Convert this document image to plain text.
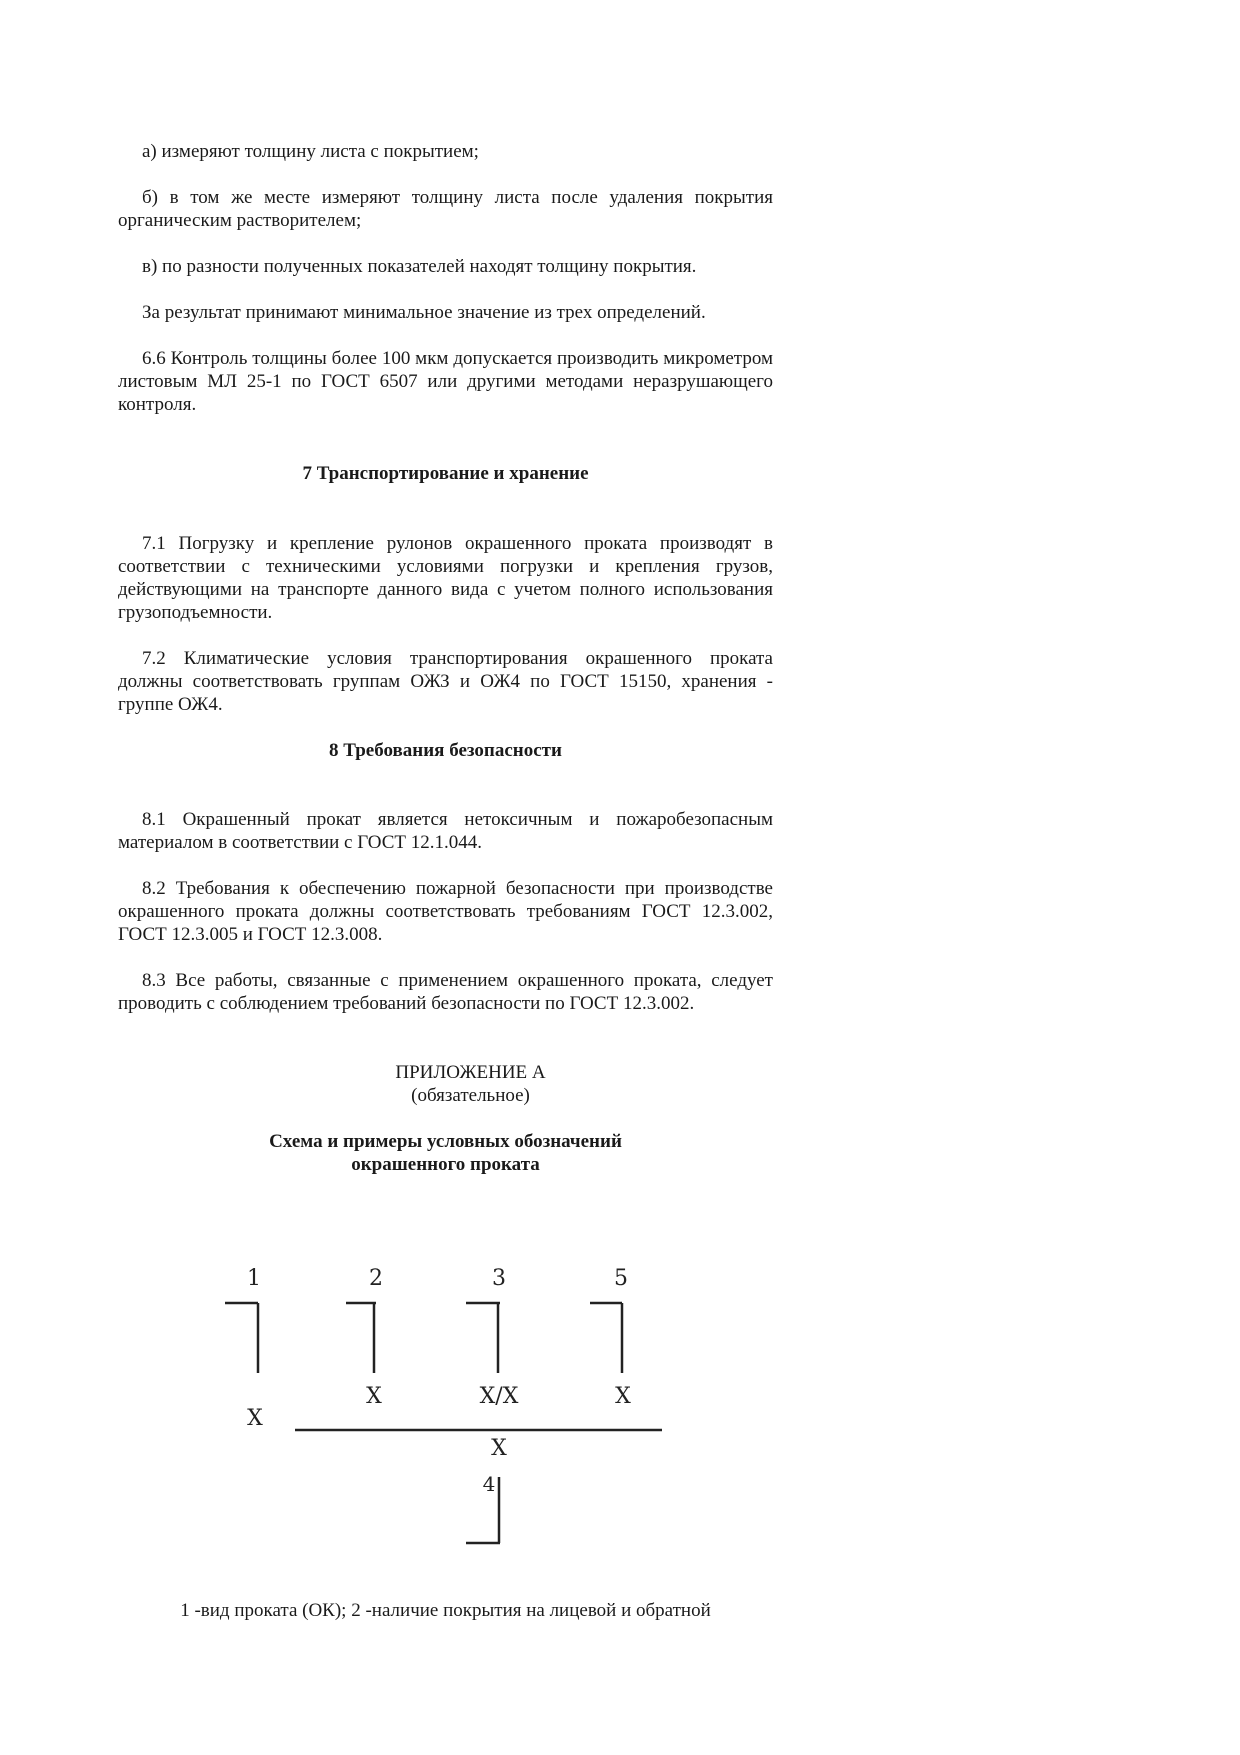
а) измеряют толщину листа с покрытием;

б) в том же месте измеряют толщину листа после удаления покрытия органическим растворителем;

в) по разности полученных показателей находят толщину покрытия.

За результат принимают минимальное значение из трех определений.

6.6 Контроль толщины более 100 мкм допускается производить микрометром листовым МЛ 25-1 по ГОСТ 6507 или другими методами неразрушающего контроля.

7 Транспортирование и хранение

7.1 Погрузку и крепление рулонов окрашенного проката производят в соответствии с техническими условиями погрузки и крепления грузов, действующими на транспорте данного вида с учетом полного использования грузоподъемности.

7.2 Климатические условия транспортирования окрашенного проката должны соответствовать группам ОЖЗ и ОЖ4 по ГОСТ 15150, хранения - группе ОЖ4.

8 Требования безопасности

8.1 Окрашенный прокат является нетоксичным и пожаробезопасным материалом в соответствии с ГОСТ 12.1.044.

8.2 Требования к обеспечению пожарной безопасности при производстве окрашенного проката должны соответствовать требованиям ГОСТ 12.3.002, ГОСТ 12.3.005 и ГОСТ 12.3.008.

8.3 Все работы, связанные с применением окрашенного проката, следует проводить с соблюдением требований безопасности по ГОСТ 12.3.002.

ПРИЛОЖЕНИЕ А

(обязательное)

Схема и примеры условных обозначений

окрашенного проката

1	2	3	5
X
X	X/X	X
X
4

1 -вид проката (ОК); 2 -наличие покрытия на лицевой и обратной
